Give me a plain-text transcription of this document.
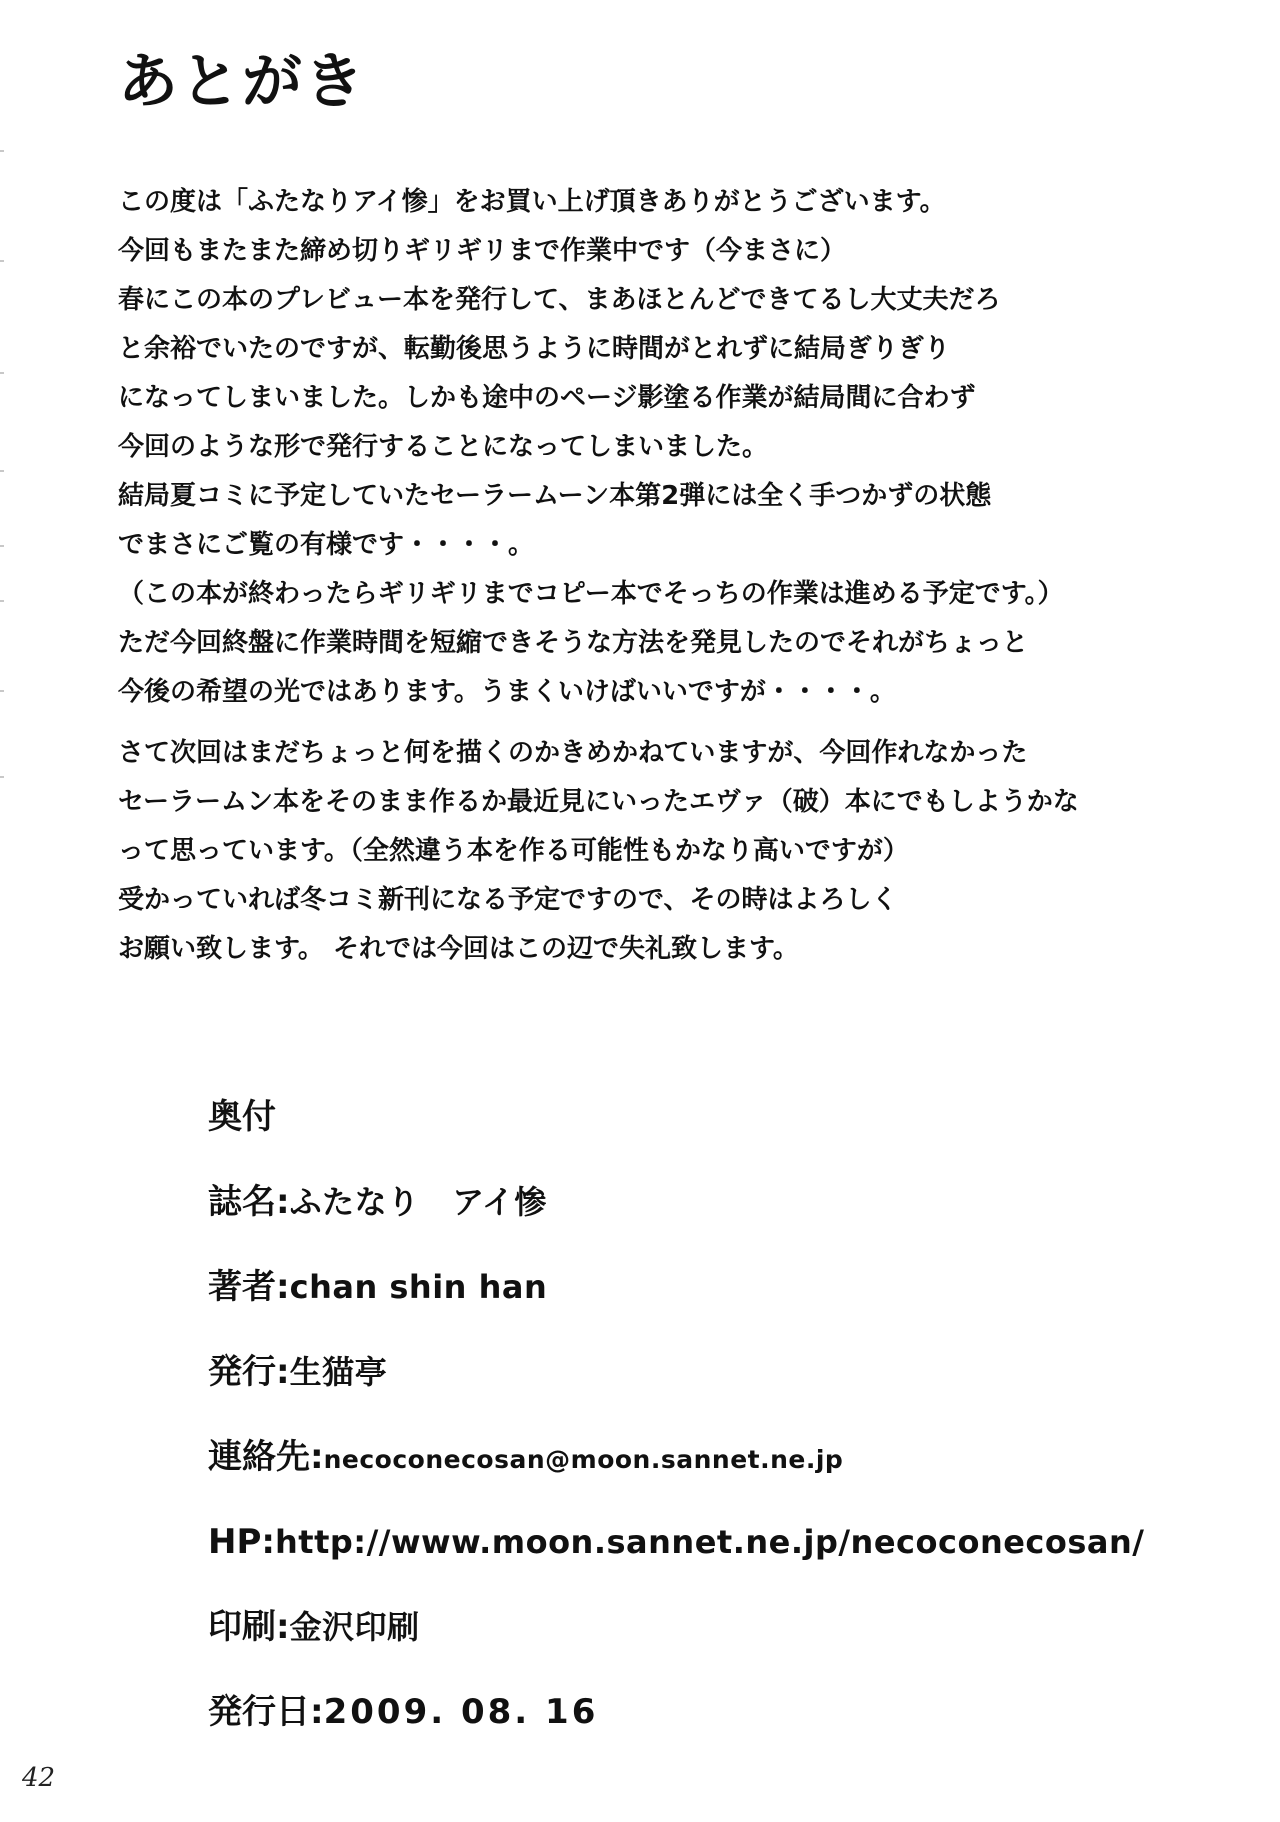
あとがき

この度は「ふたなりアイ惨」をお買い上げ頂きありがとうございます。
今回もまたまた締め切りギリギリまで作業中です（今まさに）
春にこの本のプレビュー本を発行して、まあほとんどできてるし大丈夫だろ
と余裕でいたのですが、転勤後思うように時間がとれずに結局ぎりぎり
になってしまいました。しかも途中のページ影塗る作業が結局間に合わず
今回のような形で発行することになってしまいました。
結局夏コミに予定していたセーラームーン本第2弾には全く手つかずの状態
でまさにご覧の有様です・・・・。
（この本が終わったらギリギリまでコピー本でそっちの作業は進める予定です。）
ただ今回終盤に作業時間を短縮できそうな方法を発見したのでそれがちょっと
今後の希望の光ではあります。うまくいけばいいですが・・・・。

さて次回はまだちょっと何を描くのかきめかねていますが、今回作れなかった
セーラームン本をそのまま作るか最近見にいったエヴァ（破）本にでもしようかな
って思っています。（全然違う本を作る可能性もかなり高いですが）
受かっていれば冬コミ新刊になる予定ですので、その時はよろしく
お願い致します。 それでは今回はこの辺で失礼致します。

奥付
誌名:ふたなり　アイ惨
著者:chan shin han
発行:生猫亭
連絡先:necoconecosan@moon.sannet.ne.jp
HP:http://www.moon.sannet.ne.jp/necoconecosan/
印刷:金沢印刷
発行日:2009. 08. 16
42
